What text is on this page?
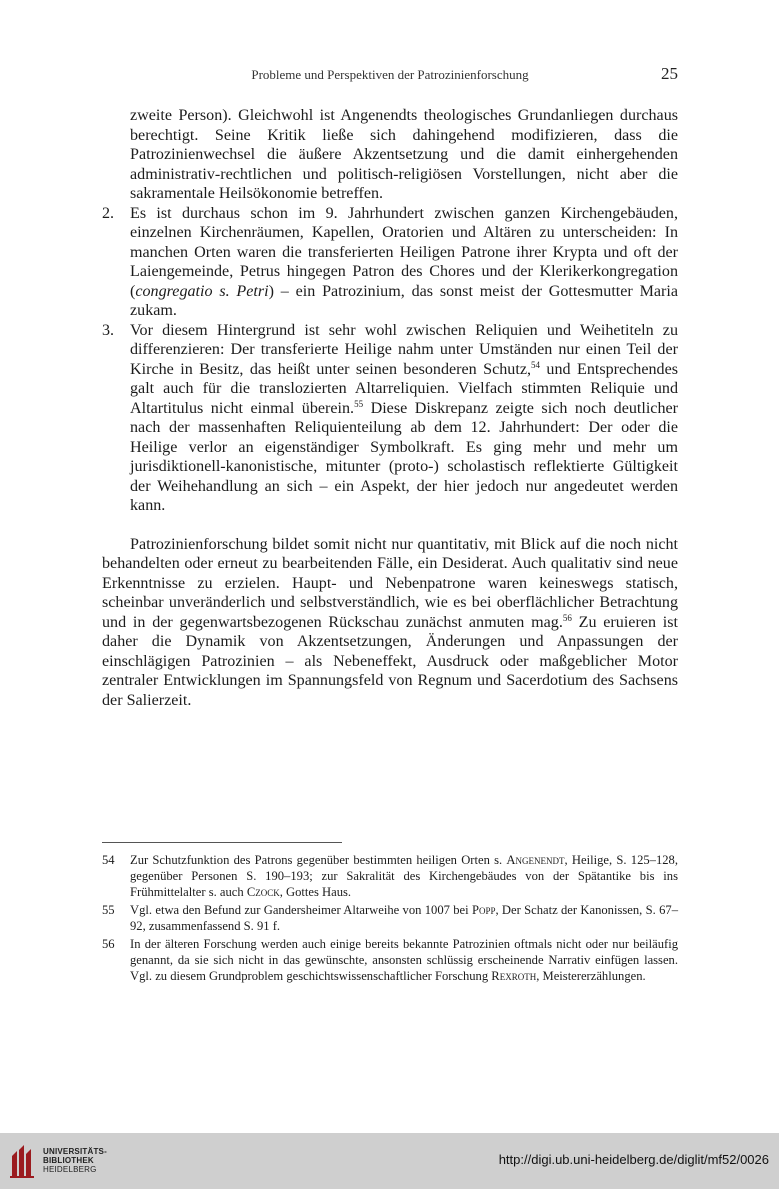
Probleme und Perspektiven der Patrozinienforschung	25

zweite Person). Gleichwohl ist Angenendts theologisches Grundanliegen durchaus berechtigt. Seine Kritik ließe sich dahingehend modifizieren, dass die Patrozinienwechsel die äußere Akzentsetzung und die damit einhergehenden administrativ-rechtlichen und politisch-religiösen Vorstellungen, nicht aber die sakramentale Heilsökonomie betreffen.

2. Es ist durchaus schon im 9. Jahrhundert zwischen ganzen Kirchengebäuden, einzelnen Kirchenräumen, Kapellen, Oratorien und Altären zu unterscheiden: In manchen Orten waren die transferierten Heiligen Patrone ihrer Krypta und oft der Laiengemeinde, Petrus hingegen Patron des Chores und der Klerikerkongregation (congregatio s. Petri) – ein Patrozinium, das sonst meist der Gottesmutter Maria zukam.
3. Vor diesem Hintergrund ist sehr wohl zwischen Reliquien und Weihetiteln zu differenzieren: Der transferierte Heilige nahm unter Umständen nur einen Teil der Kirche in Besitz, das heißt unter seinen besonderen Schutz,$^{54}$ und Entsprechendes galt auch für die translozierten Altarreliquien. Vielfach stimmten Reliquie und Altartitulus nicht einmal überein.$^{55}$ Diese Diskrepanz zeigte sich noch deutlicher nach der massenhaften Reliquienteilung ab dem 12. Jahrhundert: Der oder die Heilige verlor an eigenständiger Symbolkraft. Es ging mehr und mehr um jurisdiktionell-kanonistische, mitunter (proto-) scholastisch reflektierte Gültigkeit der Weihehandlung an sich – ein Aspekt, der hier jedoch nur angedeutet werden kann.

Patrozinienforschung bildet somit nicht nur quantitativ, mit Blick auf die noch nicht behandelten oder erneut zu bearbeitenden Fälle, ein Desiderat. Auch qualitativ sind neue Erkenntnisse zu erzielen. Haupt- und Nebenpatrone waren keineswegs statisch, scheinbar unveränderlich und selbstverständlich, wie es bei oberflächlicher Betrachtung und in der gegenwartsbezogenen Rückschau zunächst anmuten mag.$^{56}$ Zu eruieren ist daher die Dynamik von Akzentsetzungen, Änderungen und Anpassungen der einschlägigen Patrozinien – als Nebeneffekt, Ausdruck oder maßgeblicher Motor zentraler Entwicklungen im Spannungsfeld von Regnum und Sacerdotium des Sachsens der Salierzeit.

54 Zur Schutzfunktion des Patrons gegenüber bestimmten heiligen Orten s. Angenendt, Heilige, S. 125–128, gegenüber Personen S. 190–193; zur Sakralität des Kirchengebäudes von der Spätantike bis ins Frühmittelalter s. auch Czock, Gottes Haus.
55 Vgl. etwa den Befund zur Gandersheimer Altarweihe von 1007 bei Popp, Der Schatz der Kanonissen, S. 67–92, zusammenfassend S. 91 f.
56 In der älteren Forschung werden auch einige bereits bekannte Patrozinien oftmals nicht oder nur beiläufig genannt, da sie sich nicht in das gewünschte, ansonsten schlüssig erscheinende Narrativ einfügen lassen. Vgl. zu diesem Grundproblem geschichtswissenschaftlicher Forschung Rexroth, Meistererzählungen.
UNIVERSITÄTS-
BIBLIOTHEK
HEIDELBERG
http://digi.ub.uni-heidelberg.de/diglit/mf52/0026
